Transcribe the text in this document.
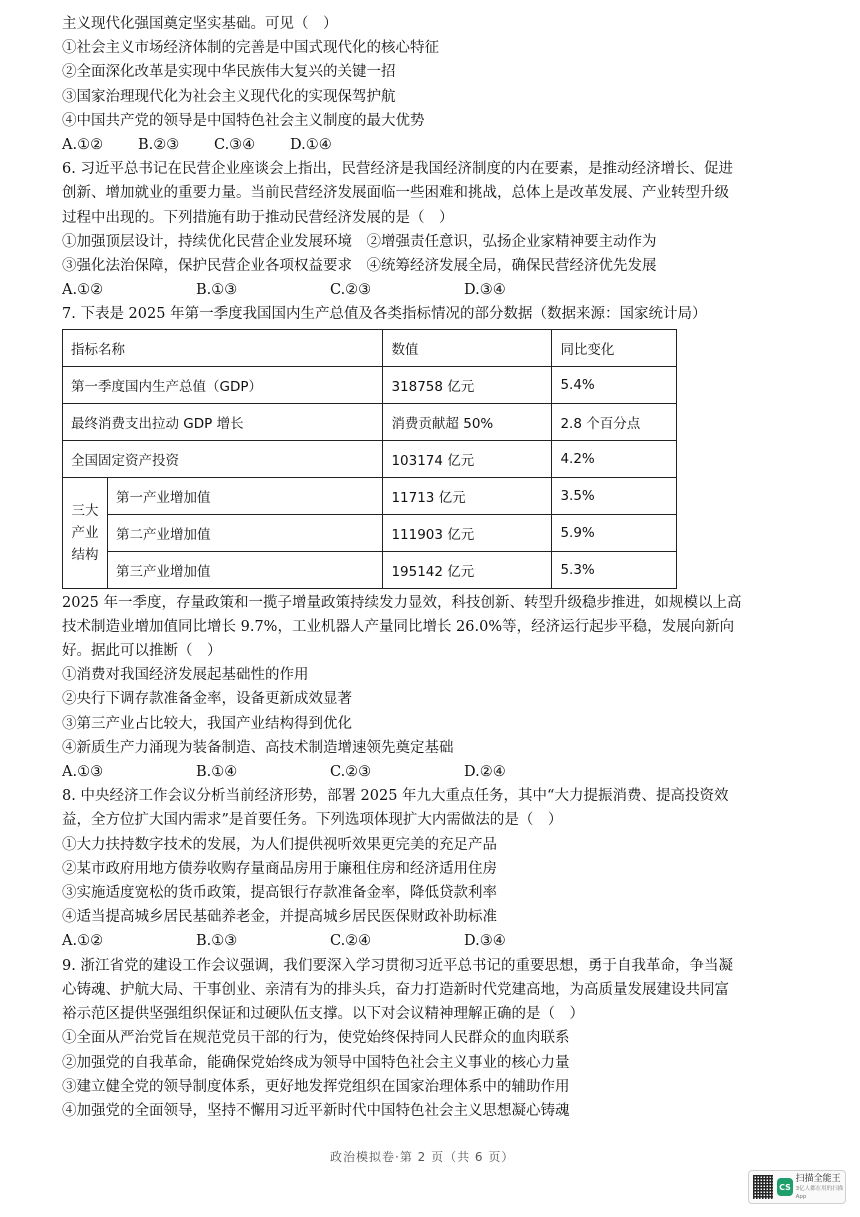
主义现代化强国奠定坚实基础。可见（　）
①社会主义市场经济体制的完善是中国式现代化的核心特征
②全面深化改革是实现中华民族伟大复兴的关键一招
③国家治理现代化为社会主义现代化的实现保驾护航
④中国共产党的领导是中国特色社会主义制度的最大优势
A.①②	B.②③	C.③④	D.①④
6. 习近平总书记在民营企业座谈会上指出，民营经济是我国经济制度的内在要素，是推动经济增长、促进
创新、增加就业的重要力量。当前民营经济发展面临一些困难和挑战，总体上是改革发展、产业转型升级
过程中出现的。下列措施有助于推动民营经济发展的是（　）
①加强顶层设计，持续优化民营企业发展环境　②增强责任意识，弘扬企业家精神要主动作为
③强化法治保障，保护民营企业各项权益要求　④统筹经济发展全局，确保民营经济优先发展
A.①②	B.①③	C.②③	D.③④
7. 下表是 2025 年第一季度我国国内生产总值及各类指标情况的部分数据（数据来源：国家统计局）
指标名称		数值	同比变化
第一季度国内生产总值（GDP）		318758 亿元	5.4%
最终消费支出拉动 GDP 增长		消费贡献超 50%	2.8 个百分点
全国固定资产投资		103174 亿元	4.2%

三大
产业
结构	第一产业增加值	11713 亿元	3.5%
	第二产业增加值	111903 亿元	5.9%
	第三产业增加值	195142 亿元	5.3%
2025 年一季度，存量政策和一揽子增量政策持续发力显效，科技创新、转型升级稳步推进，如规模以上高
技术制造业增加值同比增长 9.7%，工业机器人产量同比增长 26.0%等，经济运行起步平稳，发展向新向
好。据此可以推断（　）
①消费对我国经济发展起基础性的作用
②央行下调存款准备金率，设备更新成效显著
③第三产业占比较大，我国产业结构得到优化
④新质生产力涌现为装备制造、高技术制造增速领先奠定基础
A.①③	B.①④	C.②③	D.②④
8. 中央经济工作会议分析当前经济形势，部署 2025 年九大重点任务，其中“大力提振消费、提高投资效
益，全方位扩大国内需求”是首要任务。下列选项体现扩大内需做法的是（　）
①大力扶持数字技术的发展，为人们提供视听效果更完美的充足产品
②某市政府用地方债券收购存量商品房用于廉租住房和经济适用住房
③实施适度宽松的货币政策，提高银行存款准备金率，降低贷款利率
④适当提高城乡居民基础养老金，并提高城乡居民医保财政补助标准
A.①②	B.①③	C.②④	D.③④
9. 浙江省党的建设工作会议强调，我们要深入学习贯彻习近平总书记的重要思想，勇于自我革命，争当凝
心铸魂、护航大局、干事创业、亲清有为的排头兵，奋力打造新时代党建高地，为高质量发展建设共同富
裕示范区提供坚强组织保证和过硬队伍支撑。以下对会议精神理解正确的是（　）
①全面从严治党旨在规范党员干部的行为，使党始终保持同人民群众的血肉联系
②加强党的自我革命，能确保党始终成为领导中国特色社会主义事业的核心力量
③建立健全党的领导制度体系，更好地发挥党组织在国家治理体系中的辅助作用
④加强党的全面领导，坚持不懈用习近平新时代中国特色社会主义思想凝心铸魂
政治模拟卷·第 2 页（共 6 页）
CS
扫描全能王
3亿人都在用的扫描App
